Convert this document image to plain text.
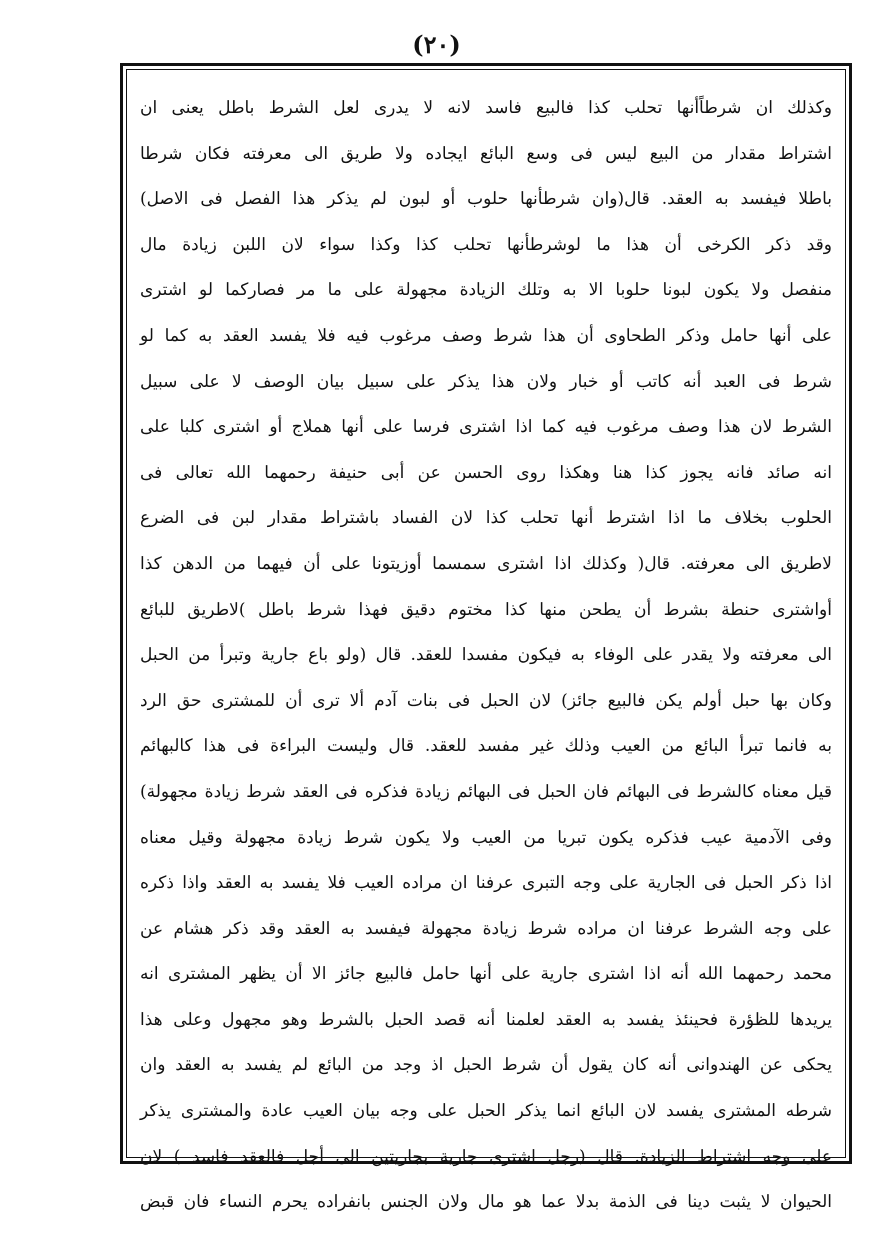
(٢٠)
وكذلك ان شرطاًأنها تحلب كذا فالبيع فاسد لانه لا يدرى لعل الشرط باطل يعنى ان
اشتراط مقدار من البيع ليس فى وسع البائع ايجاده ولا طريق الى معرفته فكان شرطا
باطلا فيفسد به العقد. قال(وان شرطأنها حلوب أو لبون لم يذكر هذا الفصل فى الاصل)
وقد ذكر الكرخى أن هذا ما لوشرطأنها تحلب كذا وكذا سواء لان اللبن زيادة مال
منفصل ولا يكون لبونا حلوبا الا به وتلك الزيادة مجهولة على ما مر فصاركما لو اشترى
على أنها حامل وذكر الطحاوى أن هذا شرط وصف مرغوب فيه فلا يفسد العقد به كما لو
شرط فى العبد أنه كاتب أو خبار ولان هذا يذكر على سبيل بيان الوصف لا على سبيل
الشرط لان هذا وصف مرغوب فيه كما اذا اشترى فرسا على أنها هملاج أو اشترى كلبا على
انه صائد فانه يجوز كذا هنا وهكذا روى الحسن عن أبى حنيفة رحمهما الله تعالى فى
الحلوب بخلاف ما اذا اشترط أنها تحلب كذا لان الفساد باشتراط مقدار لبن فى الضرع
لاطريق الى معرفته. قال( وكذلك اذا اشترى سمسما أوزيتونا على أن فيهما من الدهن كذا
أواشترى حنطة بشرط أن يطحن منها كذا مختوم دقيق فهذا شرط باطل )لاطريق للبائع
الى معرفته ولا يقدر على الوفاء به فيكون مفسدا للعقد. قال (ولو باع جارية وتبرأ من الحبل
وكان بها حبل أولم يكن فالبيع جائز) لان الحبل فى بنات آدم ألا ترى أن للمشترى حق الرد
به فانما تبرأ البائع من العيب وذلك غير مفسد للعقد. قال وليست البراءة فى هذا كالبهائم
قيل معناه كالشرط فى البهائم فان الحبل فى البهائم زيادة فذكره فى العقد شرط زيادة مجهولة)
وفى الآدمية عيب فذكره يكون تبريا من العيب ولا يكون شرط زيادة مجهولة وقيل معناه
اذا ذكر الحبل فى الجارية على وجه التبرى عرفنا ان مراده العيب فلا يفسد به العقد واذا ذكره
على وجه الشرط عرفنا ان مراده شرط زيادة مجهولة فيفسد به العقد وقد ذكر هشام عن
محمد رحمهما الله أنه اذا اشترى جارية على أنها حامل فالبيع جائز الا أن يظهر المشترى انه
يريدها للظؤرة فحينئذ يفسد به العقد لعلمنا أنه قصد الحبل بالشرط وهو مجهول وعلى هذا
يحكى عن الهندوانى أنه كان يقول أن شرط الحبل اذ وجد من البائع لم يفسد به العقد وان
شرطه المشترى يفسد لان البائع انما يذكر الحبل على وجه بيان العيب عادة والمشترى يذكر
على وجه اشتراط الزيادة. قال (رجل اشترى جارية بجاريتين الى أجل فالعقد فاسد ) لان
الحيوان لا يثبت دينا فى الذمة بدلا عما هو مال ولان الجنس بانفراده يحرم النساء فان قبض
